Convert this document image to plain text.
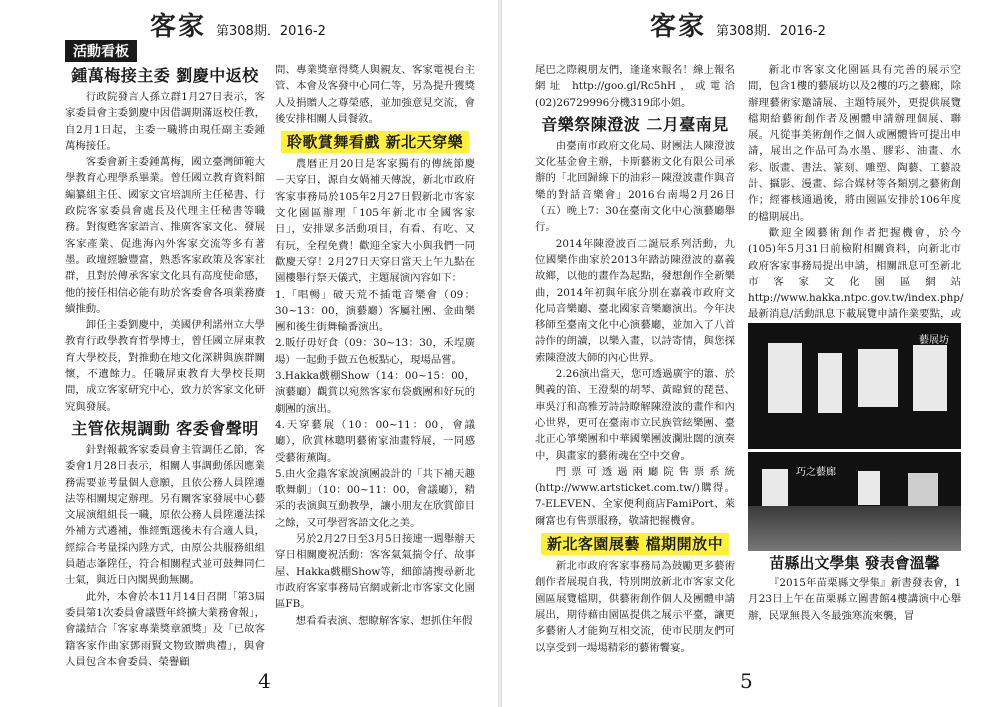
客家 第308期．2016-2
活動看板
鍾萬梅接主委 劉慶中返校

行政院發言人孫立群1月27日表示，客家委員會主委劉慶中因借調期滿返校任教，自2月1日起，主委一職將由現任副主委鍾萬梅接任。

客委會新主委鍾萬梅，國立臺灣師範大學教育心理學系畢業。曾任國立教育資料館編纂組主任、國家文官培訓所主任秘書、行政院客家委員會處長及代理主任秘書等職務。對復甦客家語言、推廣客家文化、發展客家產業、促進海內外客家交流等多有著墨。政壇經驗豐富，熟悉客家政策及客家社群，且對於傳承客家文化具有高度使命感，他的接任相信必能有助於客委會各項業務賡續推動。

卸任主委劉慶中，美國伊利諾州立大學教育行政學教育哲學博士，曾任國立屏東教育大學校長，對推動在地文化深耕與族群關懷，不遺餘力。任職屏東教育大學校長期間，成立客家研究中心，致力於客家文化研究與發展。

主管依規調動 客委會聲明

針對報載客家委員會主管調任乙節，客委會1月28日表示，相關人事調動係因應業務需要並考量個人意願，且依公務人員陞遷法等相關規定辦理。另有關客家發展中心藝文展演組組長一職，原依公務人員陞遷法採外補方式遴補，惟經甄選後未有合適人員，經綜合考量採內陞方式，由原公共服務組組員趙志峯陞任，符合相關程式並可鼓舞同仁士氣，與近日內閣異動無關。

此外，本會於本11月14日召開「第3屆委員第1次委員會議暨年終擴大業務會報」，會議結合「客家專業獎章頒獎」及「已故客籍客家作曲家鄧雨賢文物致贈典禮」，與會人員包含本會委員、榮譽顧

問、專業獎章得獎人與親友、客家電視台主管、本會及客發中心同仁等，另為提升獲獎人及捐贈人之尊榮感，並加強意見交流，會後安排相關人員餐敘。

聆歌賞舞看戲 新北天穿樂

農曆正月20日是客家獨有的傳統節慶－天穿日，源自女媧補天傳說，新北市政府客家事務局於105年2月27日假新北市客家文化園區辦理「105年新北市全國客家日」，安排眾多活動項目，有看、有吃、又有玩，全程免費！歡迎全家大小與我們一同歡慶天穿！2月27日天穿日當天上午九點在園樓舉行祭天儀式，主題展演內容如下：

1.「唱暢」破天荒不插電音樂會（09：30~13：00，演藝廳）客屬社團、金曲樂團和後生街舞輪番演出。
2.販仔毋好食（09：30~13：30，禾埕廣場）一起動手做五色板點心，現場品嘗。
3.Hakka戲棚Show（14：00~15：00，演藝廳）觀賞以宛然客家布袋戲團和好玩的劇團的演出。
4.天穿藝展（10：00~11：00，會議廳），欣賞林聰明藝術家油畫特展，一同感受藝術薰陶。
5.由火金蟲客家說演團設計的「共下補天趣歌舞劇」（10：00~11：00，會議廳），精采的表演與互動教學，讓小朋友在欣賞節目之餘，又可學習客語文化之美。

另於2月27日至3月5日接連一週舉辦天穿日相關慶祝活動：客客氣氣揣令仔、故事屋、Hakka戲棚Show等，細節請搜尋新北市政府客家事務局官網或新北市客家文化園區FB。

想看看表演、想瞭解客家、想抓住年假

4
客家 第308期．2016-2

尾巴之際親朋友們，逢逢來報名！線上報名網址 http://goo.gl/Rc5hH，或電洽(02)26729996分機319邱小姐。

音樂祭陳澄波 二月臺南見

由臺南市政府文化局、財團法人陳澄波文化基金會主辦，卡斯藝術文化有限公司承辦的「北回歸線下的油彩－陳澄波畫作與音樂的對話音樂會」2016台南場2月26日（五）晚上7：30在臺南文化中心演藝廳舉行。

2014年陳澄波百二誕辰系列活動，九位國樂作曲家於2013年踏訪陳澄波的嘉義故鄉，以他的畫作為起點，發想創作全新樂曲，2014年初與年底分別在嘉義市政府文化局音樂廳、臺北國家音樂廳演出。今年決移師至臺南文化中心演藝廳，並加入了八首詩作的朗讀，以樂入畫，以詩寄情，與您探索陳澄波大師的內心世界。

2.26演出當天，您可透過廣宇的簫、於興義的笛、王澄梨的胡琴、黃暐貿的琵琶、車吳汀和高雅芳詩詩瞭解陳澄波的畫作和內心世界，更可在臺南市立民族管絃樂團、臺北正心箏樂團和中華國樂團波瀾壯闊的演奏中，與畫家的藝術魂在空中交會。

門票可透過兩廳院售票系統(http://www.artsticket.com.tw/)購得。7-ELEVEN、全家便利商店FamiPort、萊爾富也有售票服務，敬請把握機會。

新北客園展藝 檔期開放中

新北市政府客家事務局為鼓勵更多藝術創作者展現自我，特別開放新北市客家文化園區展覽檔期，供藝術創作個人及團體申請展出，期待藉由園區提供之展示平臺，讓更多藝術人才能夠互相交流，使市民朋友們可以享受到一場場精彩的藝術饗宴。

新北市客家文化園區具有完善的展示空間，包含1樓的藝展坊以及2樓的巧之藝廊，除辦理藝術家邀請展、主題特展外，更提供展覽檔期給藝術創作者及團體申請辦理個展、聯展。凡從事美術創作之個人或團體皆可提出申請，展出之作品可為水墨、膠彩、油畫、水彩、版畫、書法、篆刻、雕塑、陶藝、工藝設計、攝影、漫畫、綜合媒材等各類別之藝術創作；經審核通過後，將由園區安排於106年度的檔期展出。

歡迎全國藝術創作者把握機會，於今(105)年5月31日前檢附相關資料，向新北市政府客家事務局提出申請，相關訊息可至新北市客家文化園區網站http://www.hakka.ntpc.gov.tw/index.php/最新消息/活動訊息下載展覽申請作業要點，或

藝展坊
巧之藝廊
苗縣出文學集 發表會溫馨

『2015年苗栗縣文學集』新書發表會，1月23日上午在苗栗縣立圖書館4樓講演中心舉辦，民眾無畏入冬最強寒流來襲，冒

5
